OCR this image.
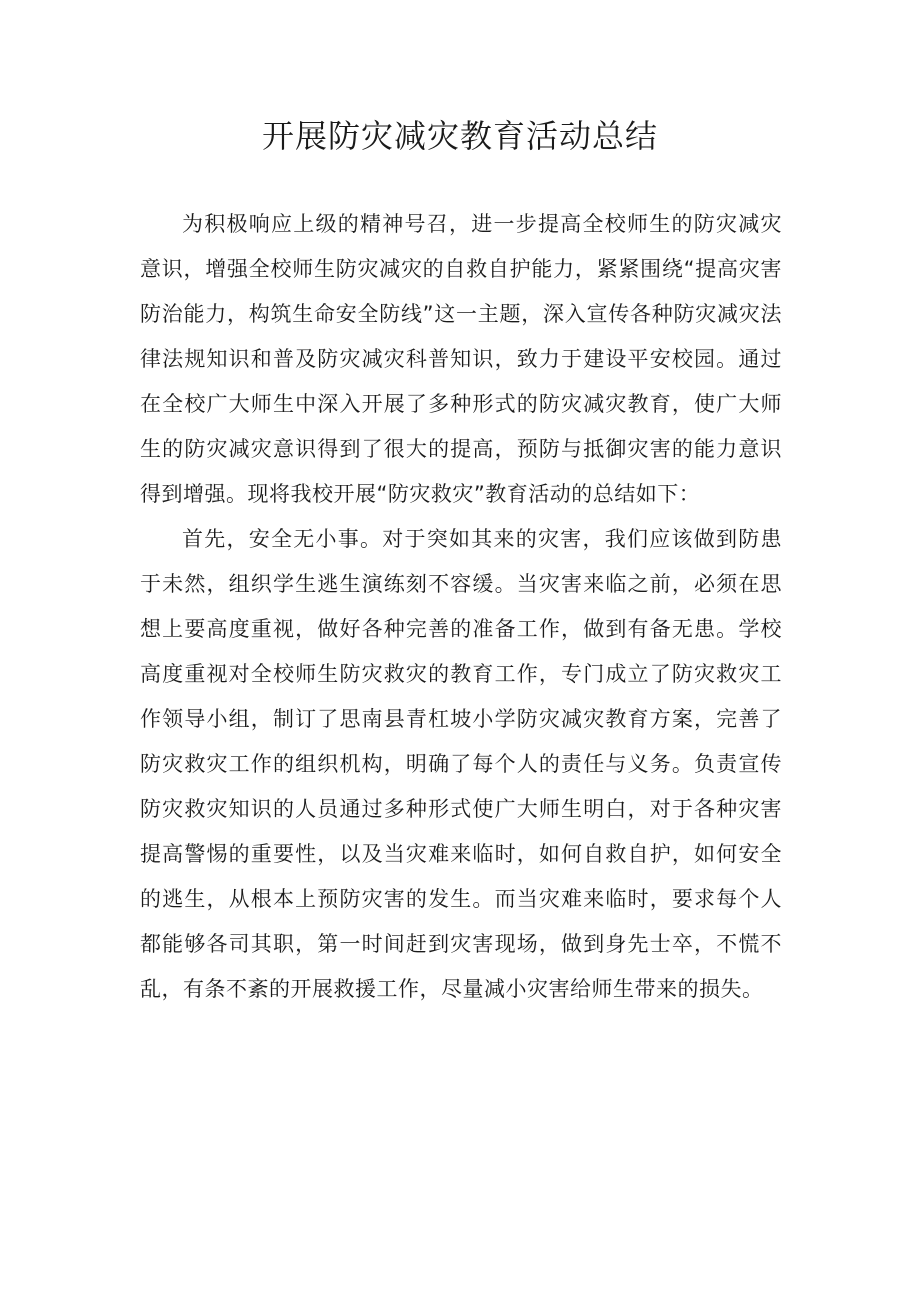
开展防灾减灾教育活动总结

为积极响应上级的精神号召，进一步提高全校师生的防灾减灾意识，增强全校师生防灾减灾的自救自护能力，紧紧围绕“提高灾害防治能力，构筑生命安全防线”这一主题，深入宣传各种防灾减灾法律法规知识和普及防灾减灾科普知识，致力于建设平安校园。通过在全校广大师生中深入开展了多种形式的防灾减灾教育，使广大师生的防灾减灾意识得到了很大的提高，预防与抵御灾害的能力意识得到增强。现将我校开展“防灾救灾”教育活动的总结如下：

首先，安全无小事。对于突如其来的灾害，我们应该做到防患于未然，组织学生逃生演练刻不容缓。当灾害来临之前，必须在思想上要高度重视，做好各种完善的准备工作，做到有备无患。学校高度重视对全校师生防灾救灾的教育工作，专门成立了防灾救灾工作领导小组，制订了思南县青杠坡小学防灾减灾教育方案，完善了防灾救灾工作的组织机构，明确了每个人的责任与义务。负责宣传防灾救灾知识的人员通过多种形式使广大师生明白，对于各种灾害提高警惕的重要性，以及当灾难来临时，如何自救自护，如何安全的逃生，从根本上预防灾害的发生。而当灾难来临时，要求每个人都能够各司其职，第一时间赶到灾害现场，做到身先士卒，不慌不乱，有条不紊的开展救援工作，尽量减小灾害给师生带来的损失。
